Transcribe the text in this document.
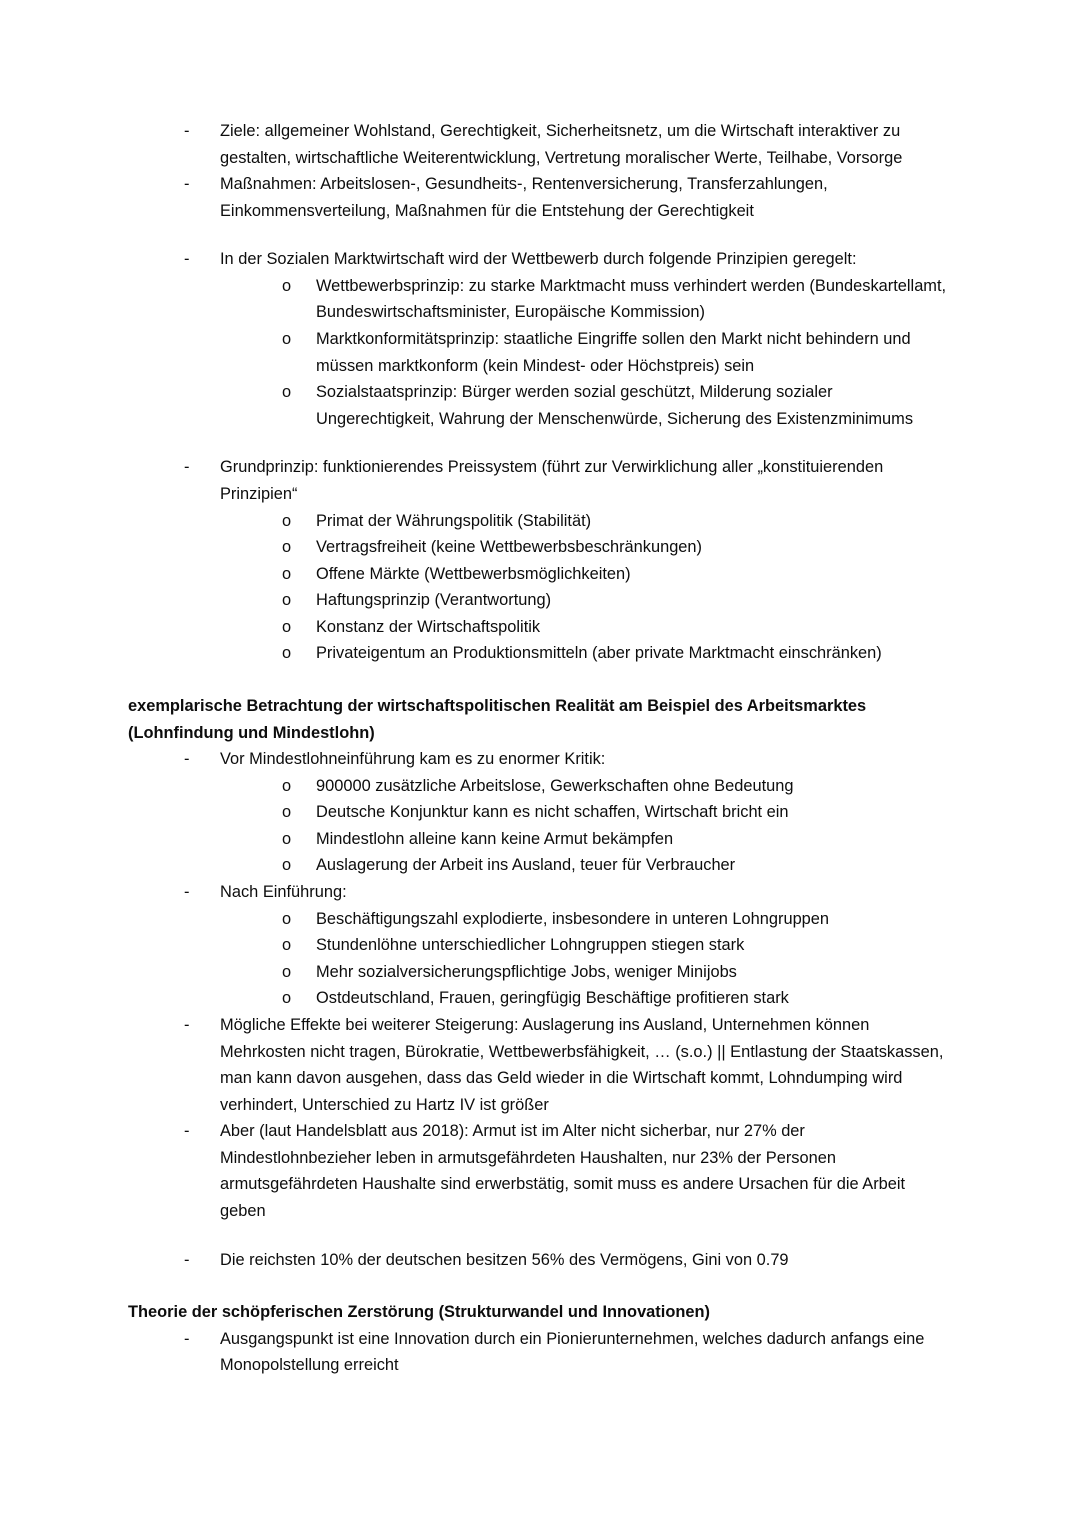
-	Ziele: allgemeiner Wohlstand, Gerechtigkeit, Sicherheitsnetz, um die Wirtschaft interaktiver zu gestalten, wirtschaftliche Weiterentwicklung, Vertretung moralischer Werte, Teilhabe, Vorsorge
-	Maßnahmen: Arbeitslosen-, Gesundheits-, Rentenversicherung, Transferzahlungen, Einkommensverteilung, Maßnahmen für die Entstehung der Gerechtigkeit
-	In der Sozialen Marktwirtschaft wird der Wettbewerb durch folgende Prinzipien geregelt:
o	Wettbewerbsprinzip: zu starke Marktmacht muss verhindert werden (Bundeskartellamt, Bundeswirtschaftsminister, Europäische Kommission)
o	Marktkonformitätsprinzip: staatliche Eingriffe sollen den Markt nicht behindern und müssen marktkonform (kein Mindest- oder Höchstpreis) sein
o	Sozialstaatsprinzip: Bürger werden sozial geschützt, Milderung sozialer Ungerechtigkeit, Wahrung der Menschenwürde, Sicherung des Existenzminimums
-	Grundprinzip: funktionierendes Preissystem (führt zur Verwirklichung aller „konstituierenden Prinzipien“
o	Primat der Währungspolitik (Stabilität)
o	Vertragsfreiheit (keine Wettbewerbsbeschränkungen)
o	Offene Märkte (Wettbewerbsmöglichkeiten)
o	Haftungsprinzip (Verantwortung)
o	Konstanz der Wirtschaftspolitik
o	Privateigentum an Produktionsmitteln (aber private Marktmacht einschränken)
exemplarische Betrachtung der wirtschaftspolitischen Realität am Beispiel des Arbeitsmarktes (Lohnfindung und Mindestlohn)
-	Vor Mindestlohneinführung kam es zu enormer Kritik:
o	900000 zusätzliche Arbeitslose, Gewerkschaften ohne Bedeutung
o	Deutsche Konjunktur kann es nicht schaffen, Wirtschaft bricht ein
o	Mindestlohn alleine kann keine Armut bekämpfen
o	Auslagerung der Arbeit ins Ausland, teuer für Verbraucher
-	Nach Einführung:
o	Beschäftigungszahl explodierte, insbesondere in unteren Lohngruppen
o	Stundenlöhne unterschiedlicher Lohngruppen stiegen stark
o	Mehr sozialversicherungspflichtige Jobs, weniger Minijobs
o	Ostdeutschland, Frauen, geringfügig Beschäftige profitieren stark
-	Mögliche Effekte bei weiterer Steigerung: Auslagerung ins Ausland, Unternehmen können Mehrkosten nicht tragen, Bürokratie, Wettbewerbsfähigkeit, … (s.o.) || Entlastung der Staatskassen, man kann davon ausgehen, dass das Geld wieder in die Wirtschaft kommt, Lohndumping wird verhindert, Unterschied zu Hartz IV ist größer
-	Aber (laut Handelsblatt aus 2018): Armut ist im Alter nicht sicherbar, nur 27% der Mindestlohnbezieher leben in armutsgefährdeten Haushalten, nur 23% der Personen armutsgefährdeten Haushalte sind erwerbstätig, somit muss es andere Ursachen für die Arbeit geben
-	Die reichsten 10% der deutschen besitzen 56% des Vermögens, Gini von 0.79
Theorie der schöpferischen Zerstörung (Strukturwandel und Innovationen)
-	Ausgangspunkt ist eine Innovation durch ein Pionierunternehmen, welches dadurch anfangs eine Monopolstellung erreicht
